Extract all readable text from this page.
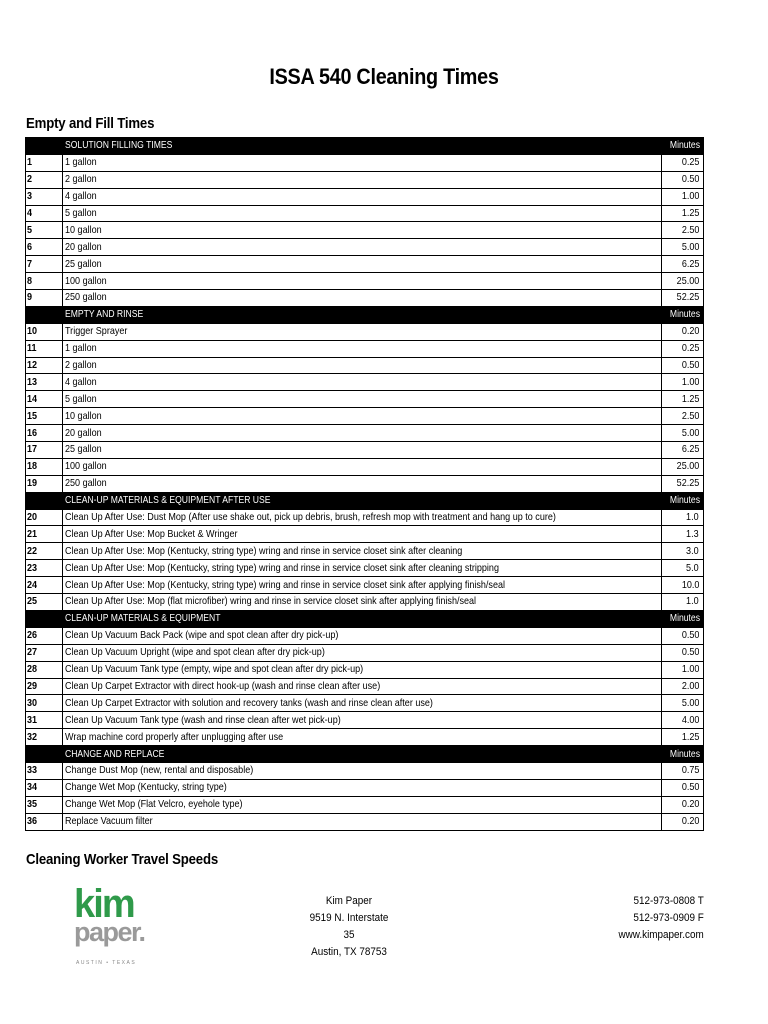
ISSA 540 Cleaning Times
Empty and Fill Times
	SOLUTION FILLING TIMES	Minutes
1	1 gallon	0.25
2	2 gallon	0.50
3	4 gallon	1.00
4	5 gallon	1.25
5	10 gallon	2.50
6	20 gallon	5.00
7	25 gallon	6.25
8	100 gallon	25.00
9	250 gallon	52.25
	EMPTY AND RINSE	Minutes
10	Trigger Sprayer	0.20
11	1 gallon	0.25
12	2 gallon	0.50
13	4 gallon	1.00
14	5 gallon	1.25
15	10 gallon	2.50
16	20 gallon	5.00
17	25 gallon	6.25
18	100 gallon	25.00
19	250 gallon	52.25
	CLEAN-UP MATERIALS & EQUIPMENT AFTER USE	Minutes
20	Clean Up After Use: Dust Mop (After use shake out, pick up debris, brush, refresh mop with treatment and hang up to cure)	1.0
21	Clean Up After Use: Mop Bucket & Wringer	1.3
22	Clean Up After Use: Mop (Kentucky, string type) wring and rinse in service closet sink after cleaning	3.0
23	Clean Up After Use: Mop (Kentucky, string type) wring and rinse in service closet sink after cleaning stripping	5.0
24	Clean Up After Use: Mop (Kentucky, string type) wring and rinse in service closet sink after applying finish/seal	10.0
25	Clean Up After Use: Mop (flat microfiber) wring and rinse in service closet sink after applying finish/seal	1.0
	CLEAN-UP MATERIALS & EQUIPMENT	Minutes
26	Clean Up Vacuum Back Pack (wipe and spot clean after dry pick-up)	0.50
27	Clean Up Vacuum Upright (wipe and spot clean after dry pick-up)	0.50
28	Clean Up Vacuum Tank type (empty, wipe and spot clean after dry pick-up)	1.00
29	Clean Up Carpet Extractor with direct hook-up (wash and rinse clean after use)	2.00
30	Clean Up Carpet Extractor with solution and recovery tanks (wash and rinse clean after use)	5.00
31	Clean Up Vacuum Tank type (wash and rinse clean after wet pick-up)	4.00
32	Wrap machine cord properly after unplugging after use	1.25
	CHANGE AND REPLACE	Minutes
33	Change Dust Mop (new, rental and disposable)	0.75
34	Change Wet Mop (Kentucky, string type)	0.50
35	Change Wet Mop (Flat Velcro, eyehole type)	0.20
36	Replace Vacuum filter	0.20
Cleaning Worker Travel Speeds
kim
paper.
AUSTIN • TEXAS
Kim Paper
9519 N. Interstate 35
Austin, TX 78753
512-973-0808 T
512-973-0909 F
www.kimpaper.com
